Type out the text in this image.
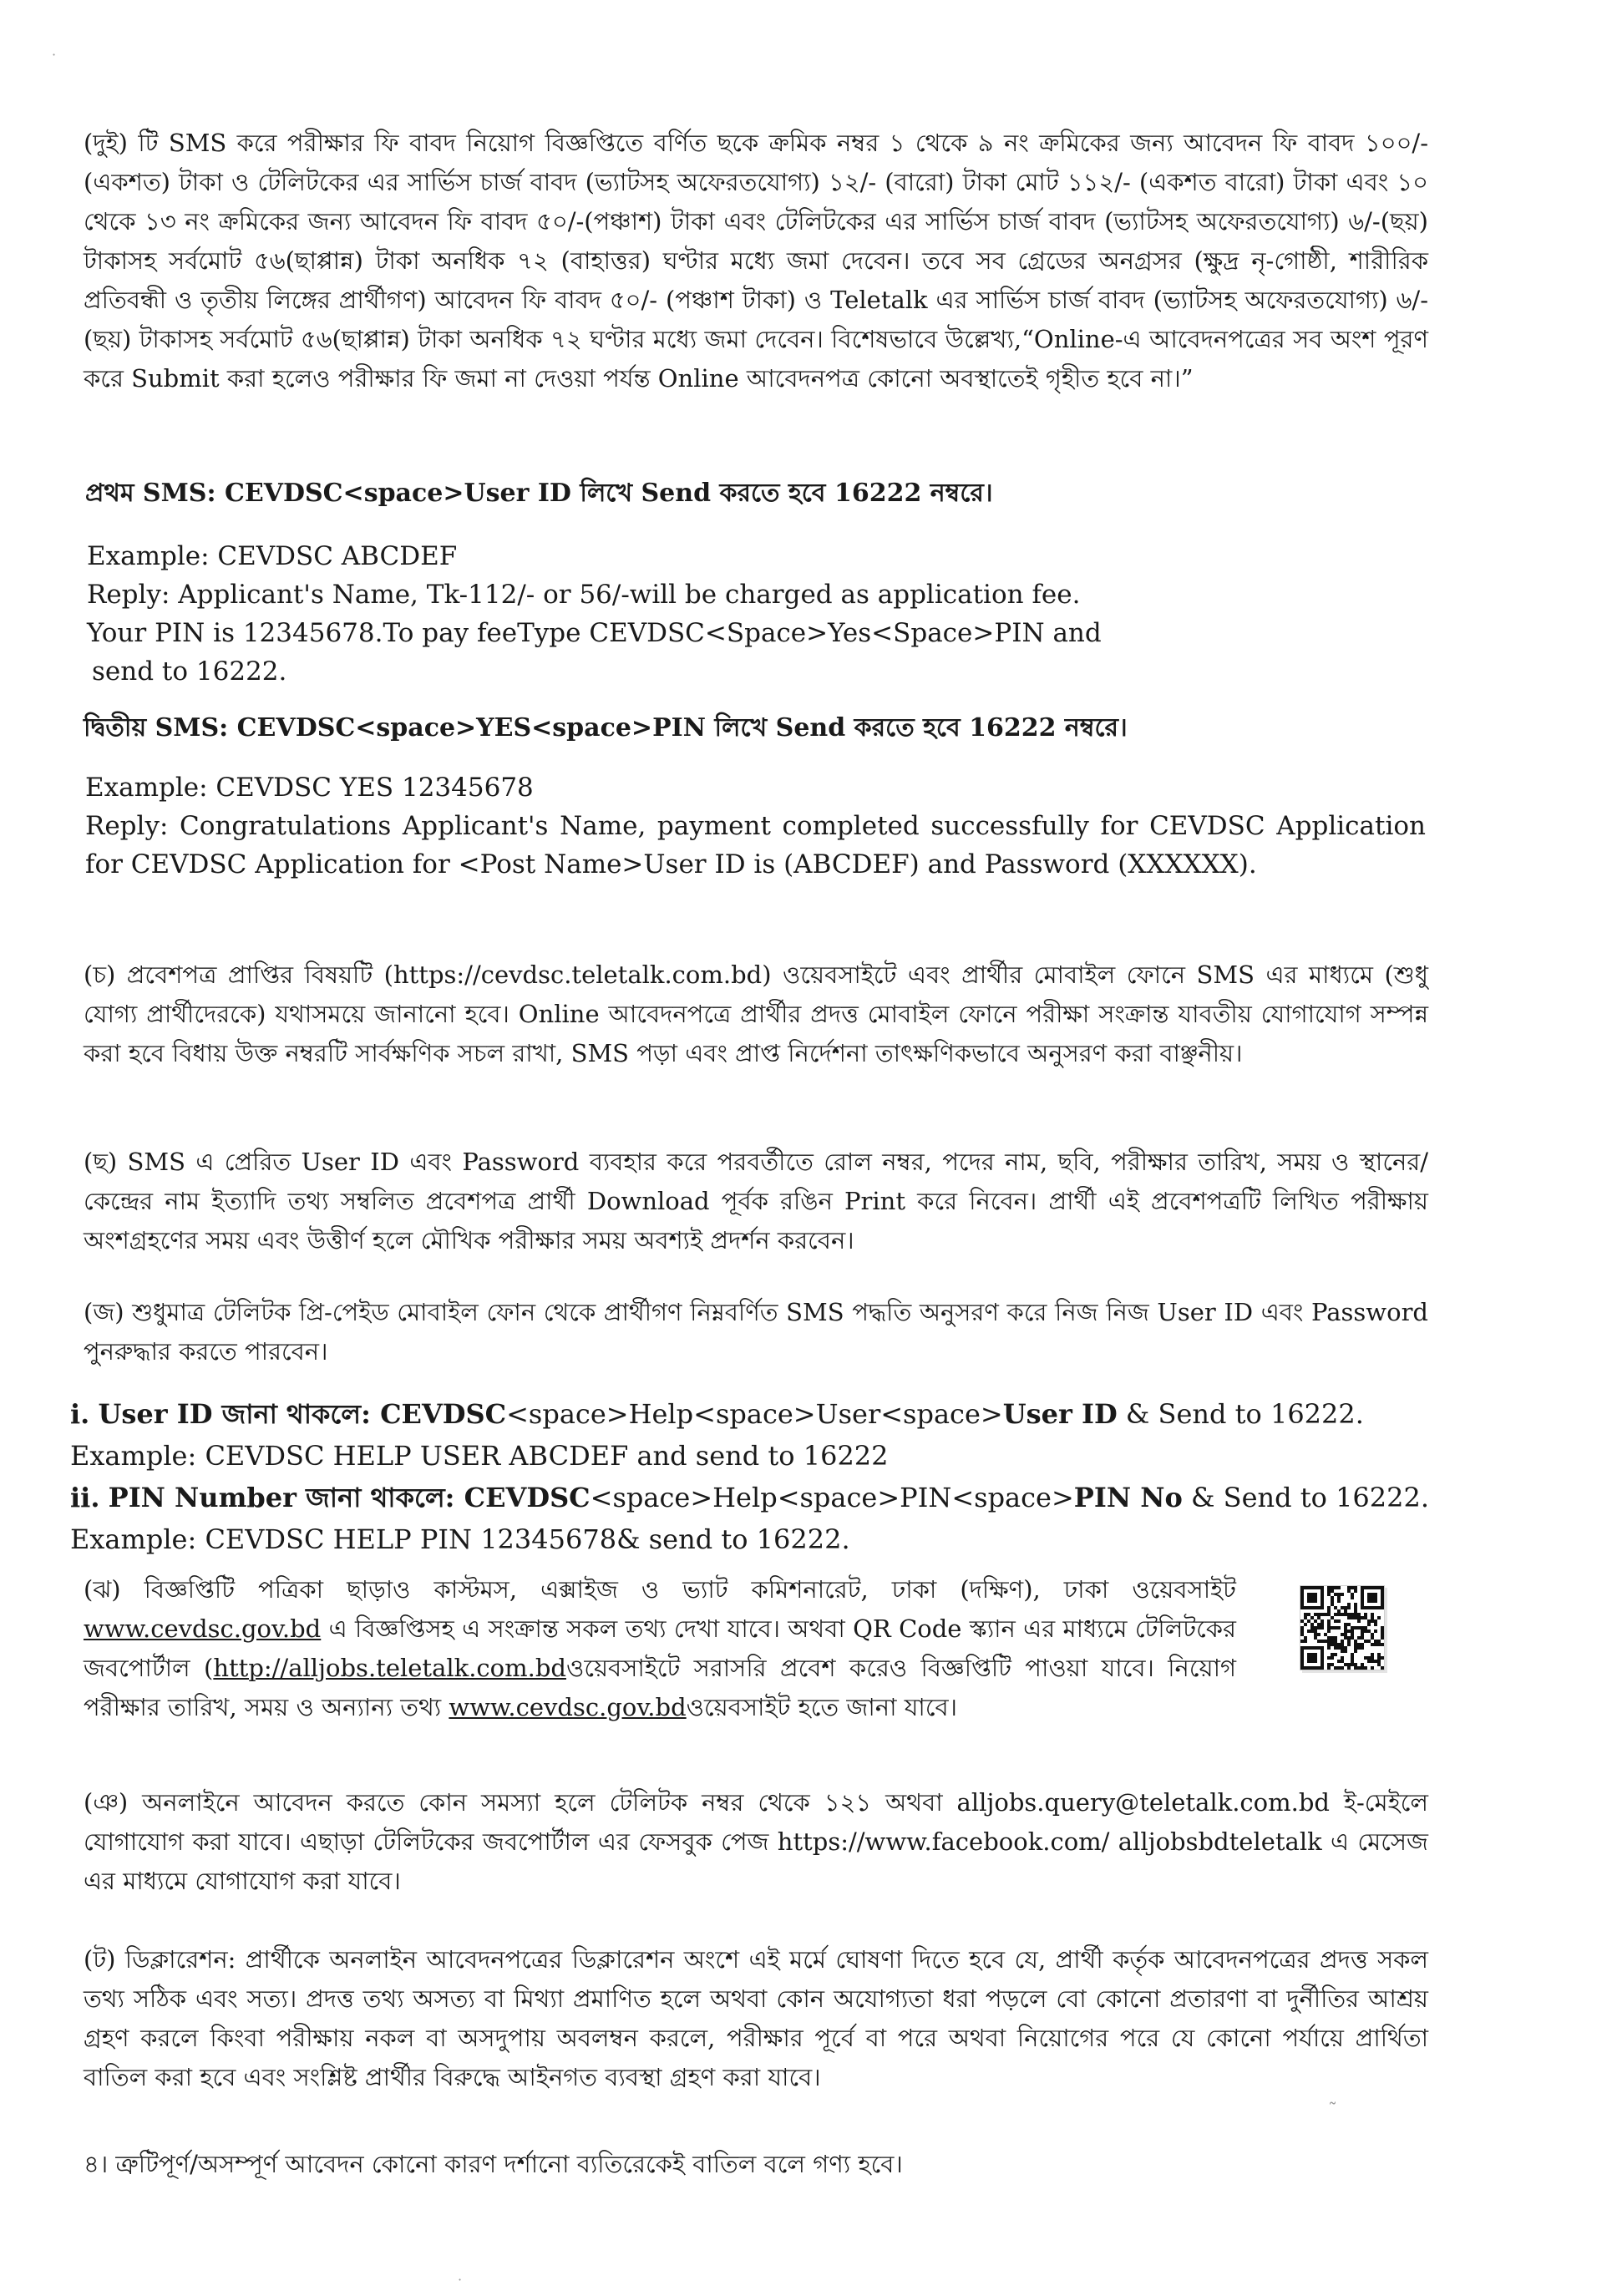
·

(দুই) টি SMS করে পরীক্ষার ফি বাবদ নিয়োগ বিজ্ঞপ্তিতে বর্ণিত ছকে ক্রমিক নম্বর ১ থেকে ৯ নং ক্রমিকের জন্য আবেদন ফি বাবদ ১০০/- (একশত) টাকা ও টেলিটকের এর সার্ভিস চার্জ বাবদ (ভ্যাটসহ অফেরতযোগ্য) ১২/- (বারো) টাকা মোট ১১২/- (একশত বারো) টাকা এবং ১০ থেকে ১৩ নং ক্রমিকের জন্য আবেদন ফি বাবদ ৫০/-(পঞ্চাশ) টাকা এবং টেলিটকের এর সার্ভিস চার্জ বাবদ (ভ্যাটসহ অফেরতযোগ্য) ৬/-(ছয়) টাকাসহ সর্বমোট ৫৬(ছাপ্পান্ন) টাকা অনধিক ৭২ (বাহাত্তর) ঘণ্টার মধ্যে জমা দেবেন। তবে সব গ্রেডের অনগ্রসর (ক্ষুদ্র নৃ-গোষ্ঠী, শারীরিক প্রতিবন্ধী ও তৃতীয় লিঙ্গের প্রার্থীগণ) আবেদন ফি বাবদ ৫০/- (পঞ্চাশ টাকা) ও Teletalk এর সার্ভিস চার্জ বাবদ (ভ্যাটসহ অফেরতযোগ্য) ৬/-(ছয়) টাকাসহ সর্বমোট ৫৬(ছাপ্পান্ন) টাকা অনধিক ৭২ ঘণ্টার মধ্যে জমা দেবেন। বিশেষভাবে উল্লেখ্য,“Online-এ আবেদনপত্রের সব অংশ পূরণ করে Submit করা হলেও পরীক্ষার ফি জমা না দেওয়া পর্যন্ত Online আবেদনপত্র কোনো অবস্থাতেই গৃহীত হবে না।”

প্রথম SMS: CEVDSC<space>User ID লিখে Send করতে হবে 16222 নম্বরে।

Example: CEVDSC ABCDEF

Reply: Applicant's Name, Tk-112/- or 56/-will be charged as application fee.

Your PIN is 12345678.To pay feeType CEVDSC<Space>Yes<Space>PIN and

send to 16222.

দ্বিতীয় SMS: CEVDSC<space>YES<space>PIN লিখে Send করতে হবে 16222 নম্বরে।

Example: CEVDSC YES 12345678

Reply: Congratulations Applicant's Name, payment completed successfully for CEVDSC Application for CEVDSC Application for <Post Name>User ID is (ABCDEF) and Password (XXXXXX).

(চ) প্রবেশপত্র প্রাপ্তির বিষয়টি (https://cevdsc.teletalk.com.bd) ওয়েবসাইটে এবং প্রার্থীর মোবাইল ফোনে SMS এর মাধ্যমে (শুধু যোগ্য প্রার্থীদেরকে) যথাসময়ে জানানো হবে। Online আবেদনপত্রে প্রার্থীর প্রদত্ত মোবাইল ফোনে পরীক্ষা সংক্রান্ত যাবতীয় যোগাযোগ সম্পন্ন করা হবে বিধায় উক্ত নম্বরটি সার্বক্ষণিক সচল রাখা, SMS পড়া এবং প্রাপ্ত নির্দেশনা তাৎক্ষণিকভাবে অনুসরণ করা বাঞ্ছনীয়।
(ছ) SMS এ প্রেরিত User ID এবং Password ব্যবহার করে পরবর্তীতে রোল নম্বর, পদের নাম, ছবি, পরীক্ষার তারিখ, সময় ও স্থানের/কেন্দ্রের নাম ইত্যাদি তথ্য সম্বলিত প্রবেশপত্র প্রার্থী Download পূর্বক রঙিন Print করে নিবেন। প্রার্থী এই প্রবেশপত্রটি লিখিত পরীক্ষায় অংশগ্রহণের সময় এবং উত্তীর্ণ হলে মৌখিক পরীক্ষার সময় অবশ্যই প্রদর্শন করবেন।
(জ) শুধুমাত্র টেলিটক প্রি-পেইড মোবাইল ফোন থেকে প্রার্থীগণ নিম্নবর্ণিত SMS পদ্ধতি অনুসরণ করে নিজ নিজ User ID এবং Password পুনরুদ্ধার করতে পারবেন।

i. User ID জানা থাকলে: CEVDSC<space>Help<space>User<space>User ID & Send to 16222.

Example: CEVDSC HELP USER ABCDEF and send to 16222

ii. PIN Number জানা থাকলে: CEVDSC<space>Help<space>PIN<space>PIN No & Send to 16222.

Example: CEVDSC HELP PIN 12345678& send to 16222.

(ঝ) বিজ্ঞপ্তিটি পত্রিকা ছাড়াও কাস্টমস, এক্সাইজ ও ভ্যাট কমিশনারেট, ঢাকা (দক্ষিণ), ঢাকা ওয়েবসাইট www.cevdsc.gov.bd এ বিজ্ঞপ্তিসহ এ সংক্রান্ত সকল তথ্য দেখা যাবে। অথবা QR Code স্ক্যান এর মাধ্যমে টেলিটকের জবপোর্টাল (http://alljobs.teletalk.com.bdওয়েবসাইটে সরাসরি প্রবেশ করেও বিজ্ঞপ্তিটি পাওয়া যাবে। নিয়োগ পরীক্ষার তারিখ, সময় ও অন্যান্য তথ্য www.cevdsc.gov.bdওয়েবসাইট হতে জানা যাবে।
(ঞ) অনলাইনে আবেদন করতে কোন সমস্যা হলে টেলিটক নম্বর থেকে ১২১ অথবা alljobs.query@teletalk.com.bd ই-মেইলে যোগাযোগ করা যাবে। এছাড়া টেলিটকের জবপোর্টাল এর ফেসবুক পেজ https://www.facebook.com/ alljobsbdteletalk এ মেসেজ এর মাধ্যমে যোগাযোগ করা যাবে।
(ট) ডিক্লারেশন: প্রার্থীকে অনলাইন আবেদনপত্রের ডিক্লারেশন অংশে এই মর্মে ঘোষণা দিতে হবে যে, প্রার্থী কর্তৃক আবেদনপত্রের প্রদত্ত সকল তথ্য সঠিক এবং সত্য। প্রদত্ত তথ্য অসত্য বা মিথ্যা প্রমাণিত হলে অথবা কোন অযোগ্যতা ধরা পড়লে বো কোনো প্রতারণা বা দুর্নীতির আশ্রয় গ্রহণ করলে কিংবা পরীক্ষায় নকল বা অসদুপায় অবলম্বন করলে, পরীক্ষার পূর্বে বা পরে অথবা নিয়োগের পরে যে কোনো পর্যায়ে প্রার্থিতা বাতিল করা হবে এবং সংশ্লিষ্ট প্রার্থীর বিরুদ্ধে আইনগত ব্যবস্থা গ্রহণ করা যাবে।
˜
৪। ত্রুটিপূর্ণ/অসম্পূর্ণ আবেদন কোনো কারণ দর্শানো ব্যতিরেকেই বাতিল বলে গণ্য হবে।
·
